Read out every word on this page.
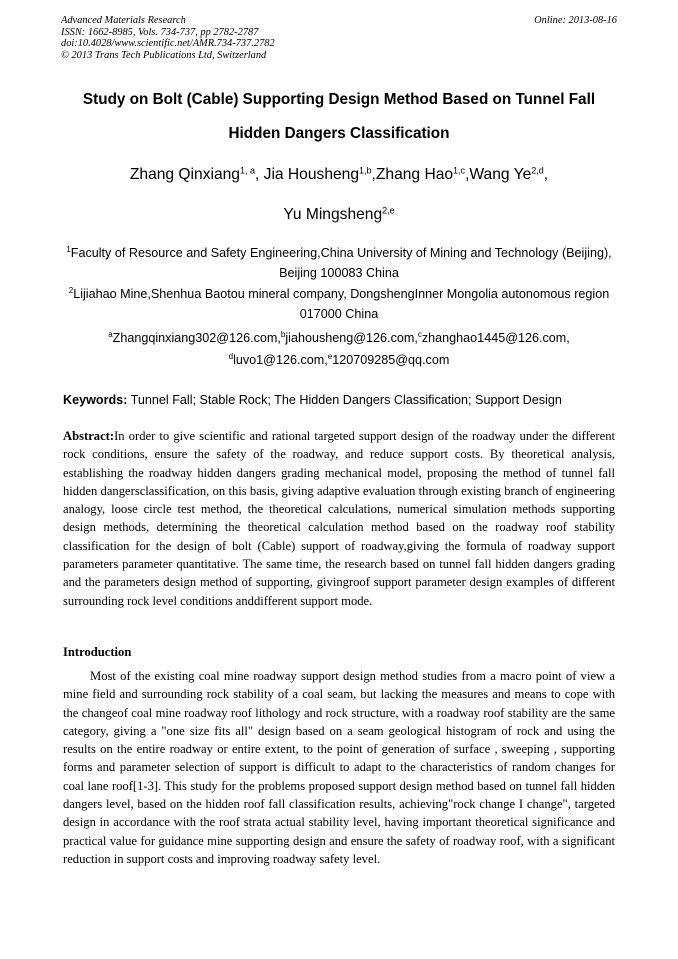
Advanced Materials Research
ISSN: 1662-8985, Vols. 734-737, pp 2782-2787
doi:10.4028/www.scientific.net/AMR.734-737.2782
© 2013 Trans Tech Publications Ltd, Switzerland
Online: 2013-08-16
Study on Bolt (Cable) Supporting Design Method Based on Tunnel Fall
Hidden Dangers Classification
Zhang Qinxiang$^{1, a}$, Jia Housheng$^{1,b}$,Zhang Hao$^{1,c}$,Wang Ye$^{2,d}$,
Yu Mingsheng$^{2,e}$
$^1$Faculty of Resource and Safety Engineering,China University of Mining and Technology (Beijing),
Beijing 100083 China
$^2$Lijiahao Mine,Shenhua Baotou mineral company, DongshengInner Mongolia autonomous region
017000 China
$^a$Zhangqinxiang302@126.com,$^b$jiahousheng@126.com,$^c$zhanghao1445@126.com,
$^d$luvo1@126.com,$^e$120709285@qq.com
Keywords: Tunnel Fall; Stable Rock; The Hidden Dangers Classification; Support Design
Abstract:In order to give scientific and rational targeted support design of the roadway under the different rock conditions, ensure the safety of the roadway, and reduce support costs. By theoretical analysis, establishing the roadway hidden dangers grading mechanical model, proposing the method of tunnel fall hidden dangersclassification, on this basis, giving adaptive evaluation through existing branch of engineering analogy, loose circle test method, the theoretical calculations, numerical simulation methods supporting design methods, determining the theoretical calculation method based on the roadway roof stability classification for the design of bolt (Cable) support of roadway,giving the formula of roadway support parameters parameter quantitative. The same time, the research based on tunnel fall hidden dangers grading and the parameters design method of supporting, givingroof support parameter design examples of different surrounding rock level conditions anddifferent support mode.
Introduction
Most of the existing coal mine roadway support design method studies from a macro point of view a mine field and surrounding rock stability of a coal seam, but lacking the measures and means to cope with the changeof coal mine roadway roof lithology and rock structure, with a roadway roof stability are the same category, giving a "one size fits all" design based on a seam geological histogram of rock and using the results on the entire roadway or entire extent, to the point of generation of surface , sweeping , supporting forms and parameter selection of support is difficult to adapt to the characteristics of random changes for coal lane roof[1-3]. This study for the problems proposed support design method based on tunnel fall hidden dangers level, based on the hidden roof fall classification results, achieving"rock change I change", targeted design in accordance with the roof strata actual stability level, having important theoretical significance and practical value for guidance mine supporting design and ensure the safety of roadway roof, with a significant reduction in support costs and improving roadway safety level.
